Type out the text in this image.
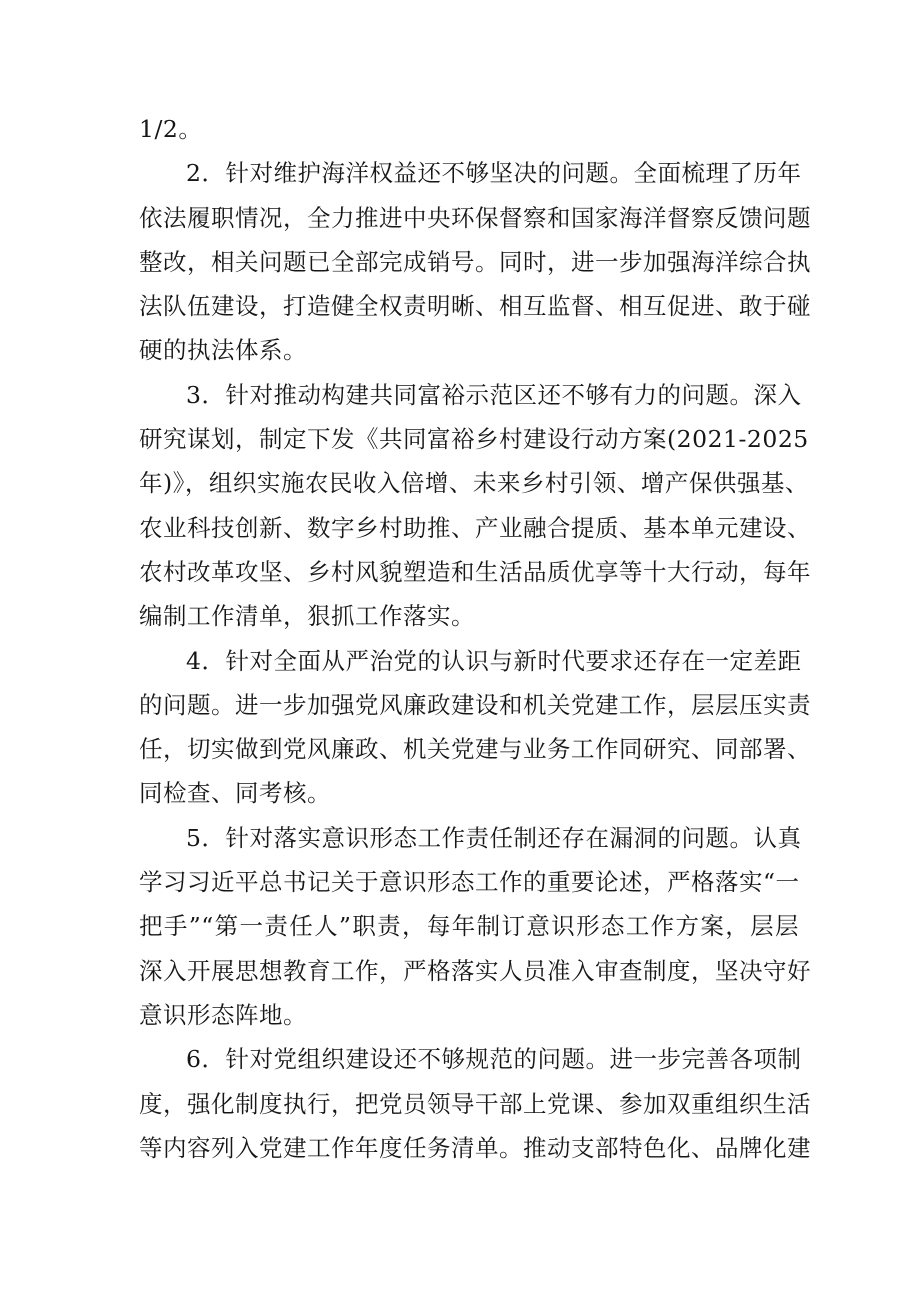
1/2。
2．针对维护海洋权益还不够坚决的问题。全面梳理了历年
依法履职情况，全力推进中央环保督察和国家海洋督察反馈问题
整改，相关问题已全部完成销号。同时，进一步加强海洋综合执
法队伍建设，打造健全权责明晰、相互监督、相互促进、敢于碰
硬的执法体系。
3．针对推动构建共同富裕示范区还不够有力的问题。深入
研究谋划，制定下发《共同富裕乡村建设行动方案(2021-2025
年)》，组织实施农民收入倍增、未来乡村引领、增产保供强基、
农业科技创新、数字乡村助推、产业融合提质、基本单元建设、
农村改革攻坚、乡村风貌塑造和生活品质优享等十大行动，每年
编制工作清单，狠抓工作落实。
4．针对全面从严治党的认识与新时代要求还存在一定差距
的问题。进一步加强党风廉政建设和机关党建工作，层层压实责
任，切实做到党风廉政、机关党建与业务工作同研究、同部署、
同检查、同考核。
5．针对落实意识形态工作责任制还存在漏洞的问题。认真
学习习近平总书记关于意识形态工作的重要论述，严格落实“一
把手”“第一责任人”职责，每年制订意识形态工作方案，层层
深入开展思想教育工作，严格落实人员准入审查制度，坚决守好
意识形态阵地。
6．针对党组织建设还不够规范的问题。进一步完善各项制
度，强化制度执行，把党员领导干部上党课、参加双重组织生活
等内容列入党建工作年度任务清单。推动支部特色化、品牌化建
